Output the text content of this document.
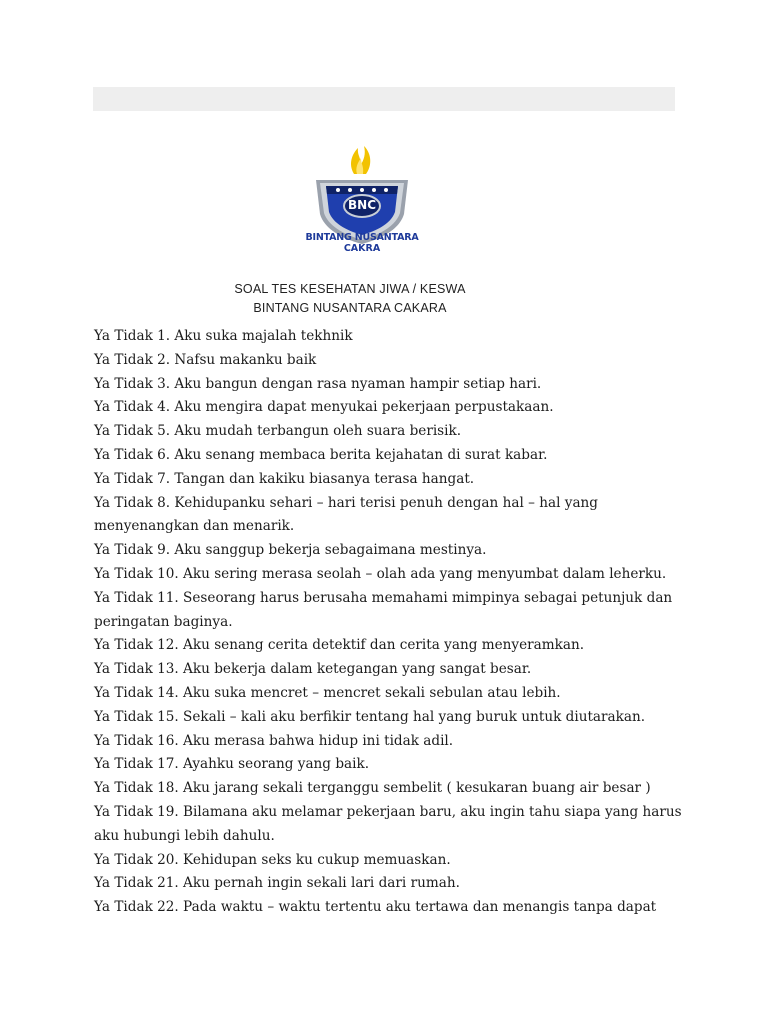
BNC
BINTANG NUSANTARA
CAKRA
SOAL TES KESEHATAN JIWA / KESWA
BINTANG NUSANTARA CAKARA
Ya Tidak 1. Aku suka majalah tekhnik
Ya Tidak 2. Nafsu makanku baik
Ya Tidak 3. Aku bangun dengan rasa nyaman hampir setiap hari.
Ya Tidak 4. Aku mengira dapat menyukai pekerjaan perpustakaan.
Ya Tidak 5. Aku mudah terbangun oleh suara berisik.
Ya Tidak 6. Aku senang membaca berita kejahatan di surat kabar.
Ya Tidak 7. Tangan dan kakiku biasanya terasa hangat.
Ya Tidak 8. Kehidupanku sehari – hari terisi penuh dengan hal – hal yang
menyenangkan dan menarik.
Ya Tidak 9. Aku sanggup bekerja sebagaimana mestinya.
Ya Tidak 10. Aku sering merasa seolah – olah ada yang menyumbat dalam leherku.
Ya Tidak 11. Seseorang harus berusaha memahami mimpinya sebagai petunjuk dan
peringatan baginya.
Ya Tidak 12. Aku senang cerita detektif dan cerita yang menyeramkan.
Ya Tidak 13. Aku bekerja dalam ketegangan yang sangat besar.
Ya Tidak 14. Aku suka mencret – mencret sekali sebulan atau lebih.
Ya Tidak 15. Sekali – kali aku berfikir tentang hal yang buruk untuk diutarakan.
Ya Tidak 16. Aku merasa bahwa hidup ini tidak adil.
Ya Tidak 17. Ayahku seorang yang baik.
Ya Tidak 18. Aku jarang sekali terganggu sembelit ( kesukaran buang air besar )
Ya Tidak 19. Bilamana aku melamar pekerjaan baru, aku ingin tahu siapa yang harus
aku hubungi lebih dahulu.
Ya Tidak 20. Kehidupan seks ku cukup memuaskan.
Ya Tidak 21. Aku pernah ingin sekali lari dari rumah.
Ya Tidak 22. Pada waktu – waktu tertentu aku tertawa dan menangis tanpa dapat
